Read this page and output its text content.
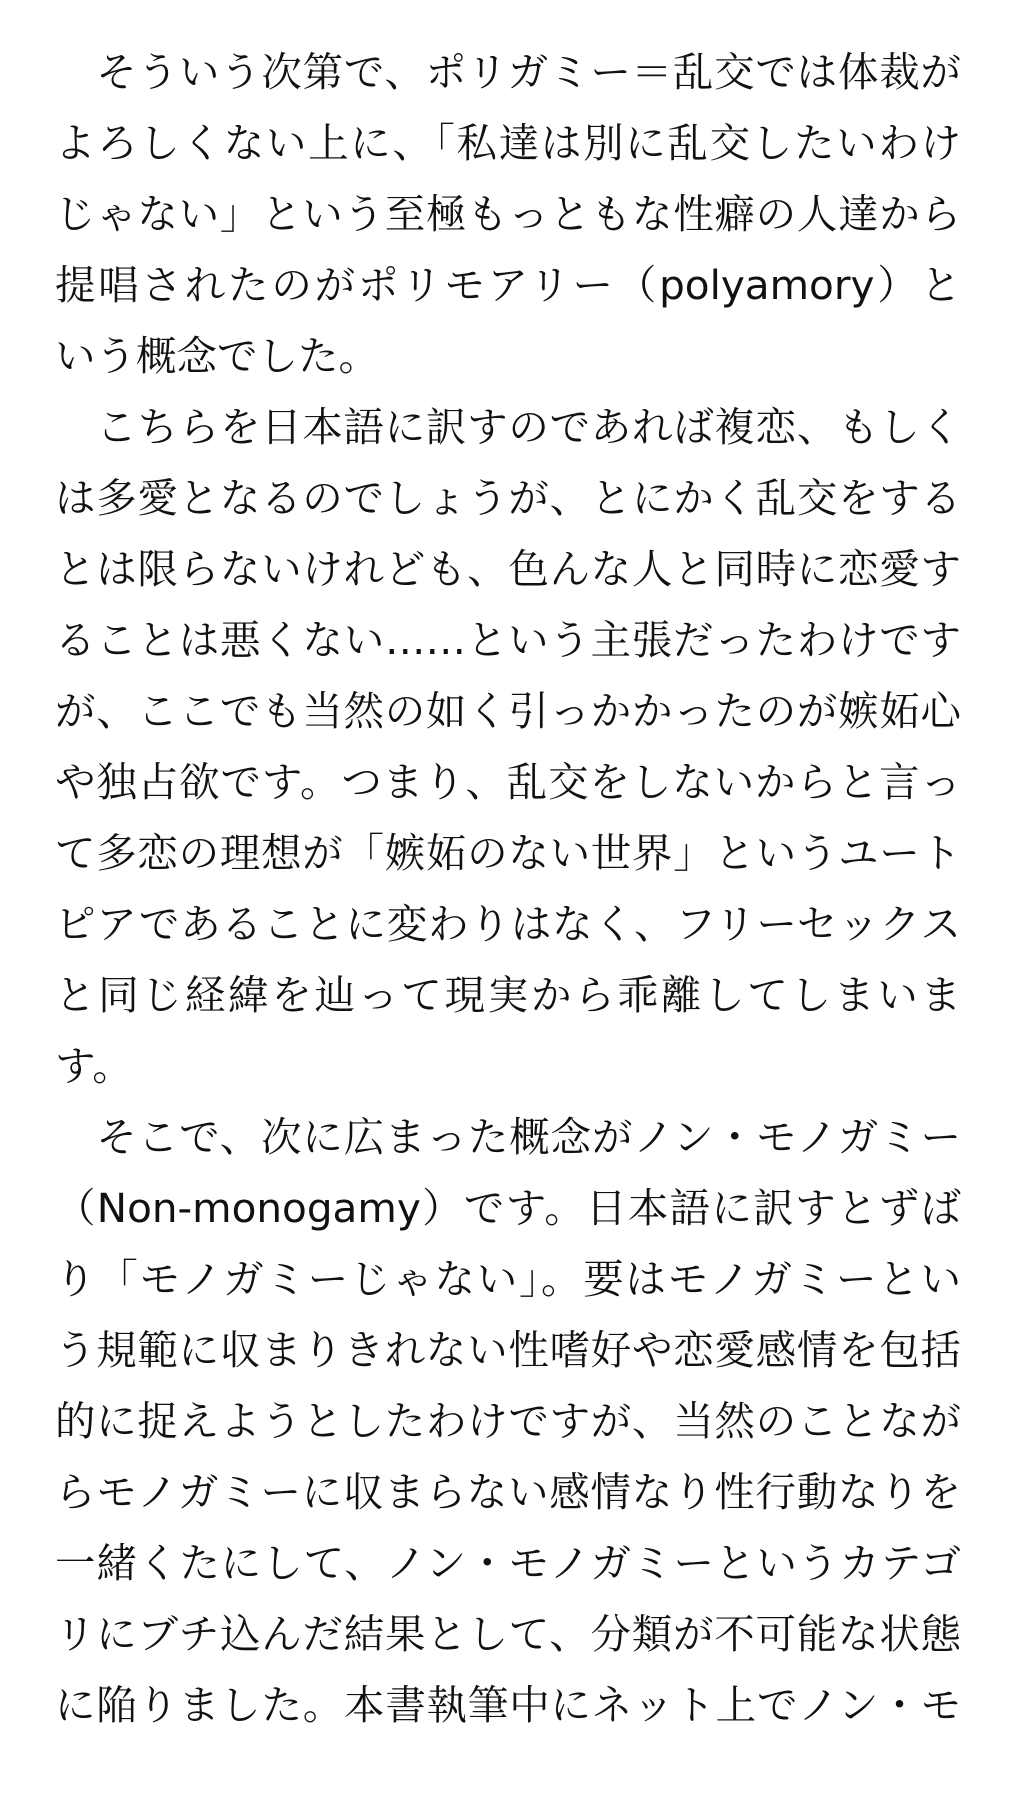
　そういう次第で、ポリガミー＝乱交では体裁が
よろしくない上に、「私達は別に乱交したいわけ
じゃない」という至極もっともな性癖の人達から
提唱されたのがポリモアリー（polyamory）と
いう概念でした。
　こちらを日本語に訳すのであれば複恋、もしく
は多愛となるのでしょうが、とにかく乱交をする
とは限らないけれども、色んな人と同時に恋愛す
ることは悪くない……という主張だったわけです
が、ここでも当然の如く引っかかったのが嫉妬心
や独占欲です。つまり、乱交をしないからと言っ
て多恋の理想が「嫉妬のない世界」というユート
ピアであることに変わりはなく、フリーセックス
と同じ経緯を辿って現実から乖離してしまいま
す。
　そこで、次に広まった概念がノン・モノガミー
（Non-monogamy）です。日本語に訳すとずば
り「モノガミーじゃない」。要はモノガミーとい
う規範に収まりきれない性嗜好や恋愛感情を包括
的に捉えようとしたわけですが、当然のことなが
らモノガミーに収まらない感情なり性行動なりを
一緒くたにして、ノン・モノガミーというカテゴ
リにブチ込んだ結果として、分類が不可能な状態
に陥りました。本書執筆中にネット上でノン・モ
